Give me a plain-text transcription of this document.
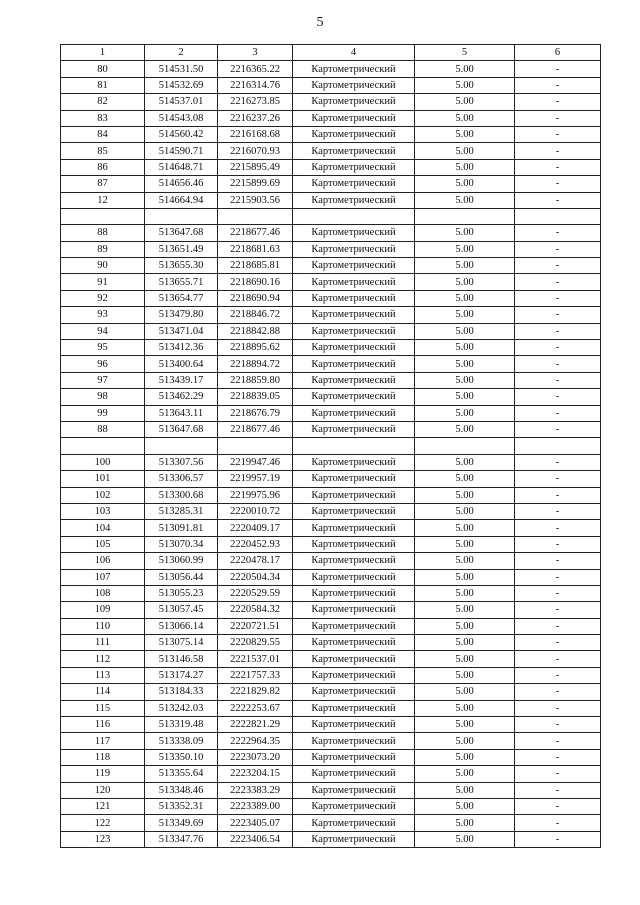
5
1	2	3	4	5	6
80	514531.50	2216365.22	Картометрический	5.00	-
81	514532.69	2216314.76	Картометрический	5.00	-
82	514537.01	2216273.85	Картометрический	5.00	-
83	514543.08	2216237.26	Картометрический	5.00	-
84	514560.42	2216168.68	Картометрический	5.00	-
85	514590.71	2216070.93	Картометрический	5.00	-
86	514648.71	2215895.49	Картометрический	5.00	-
87	514656.46	2215899.69	Картометрический	5.00	-
12	514664.94	2215903.56	Картометрический	5.00	-

88	513647.68	2218677.46	Картометрический	5.00	-
89	513651.49	2218681.63	Картометрический	5.00	-
90	513655.30	2218685.81	Картометрический	5.00	-
91	513655.71	2218690.16	Картометрический	5.00	-
92	513654.77	2218690.94	Картометрический	5.00	-
93	513479.80	2218846.72	Картометрический	5.00	-
94	513471.04	2218842.88	Картометрический	5.00	-
95	513412.36	2218895.62	Картометрический	5.00	-
96	513400.64	2218894.72	Картометрический	5.00	-
97	513439.17	2218859.80	Картометрический	5.00	-
98	513462.29	2218839.05	Картометрический	5.00	-
99	513643.11	2218676.79	Картометрический	5.00	-
88	513647.68	2218677.46	Картометрический	5.00	-

100	513307.56	2219947.46	Картометрический	5.00	-
101	513306.57	2219957.19	Картометрический	5.00	-
102	513300.68	2219975.96	Картометрический	5.00	-
103	513285.31	2220010.72	Картометрический	5.00	-
104	513091.81	2220409.17	Картометрический	5.00	-
105	513070.34	2220452.93	Картометрический	5.00	-
106	513060.99	2220478.17	Картометрический	5.00	-
107	513056.44	2220504.34	Картометрический	5.00	-
108	513055.23	2220529.59	Картометрический	5.00	-
109	513057.45	2220584.32	Картометрический	5.00	-
110	513066.14	2220721.51	Картометрический	5.00	-
111	513075.14	2220829.55	Картометрический	5.00	-
112	513146.58	2221537.01	Картометрический	5.00	-
113	513174.27	2221757.33	Картометрический	5.00	-
114	513184.33	2221829.82	Картометрический	5.00	-
115	513242.03	2222253.67	Картометрический	5.00	-
116	513319.48	2222821.29	Картометрический	5.00	-
117	513338.09	2222964.35	Картометрический	5.00	-
118	513350.10	2223073.20	Картометрический	5.00	-
119	513355.64	2223204.15	Картометрический	5.00	-
120	513348.46	2223383.29	Картометрический	5.00	-
121	513352.31	2223389.00	Картометрический	5.00	-
122	513349.69	2223405.07	Картометрический	5.00	-
123	513347.76	2223406.54	Картометрический	5.00	-
